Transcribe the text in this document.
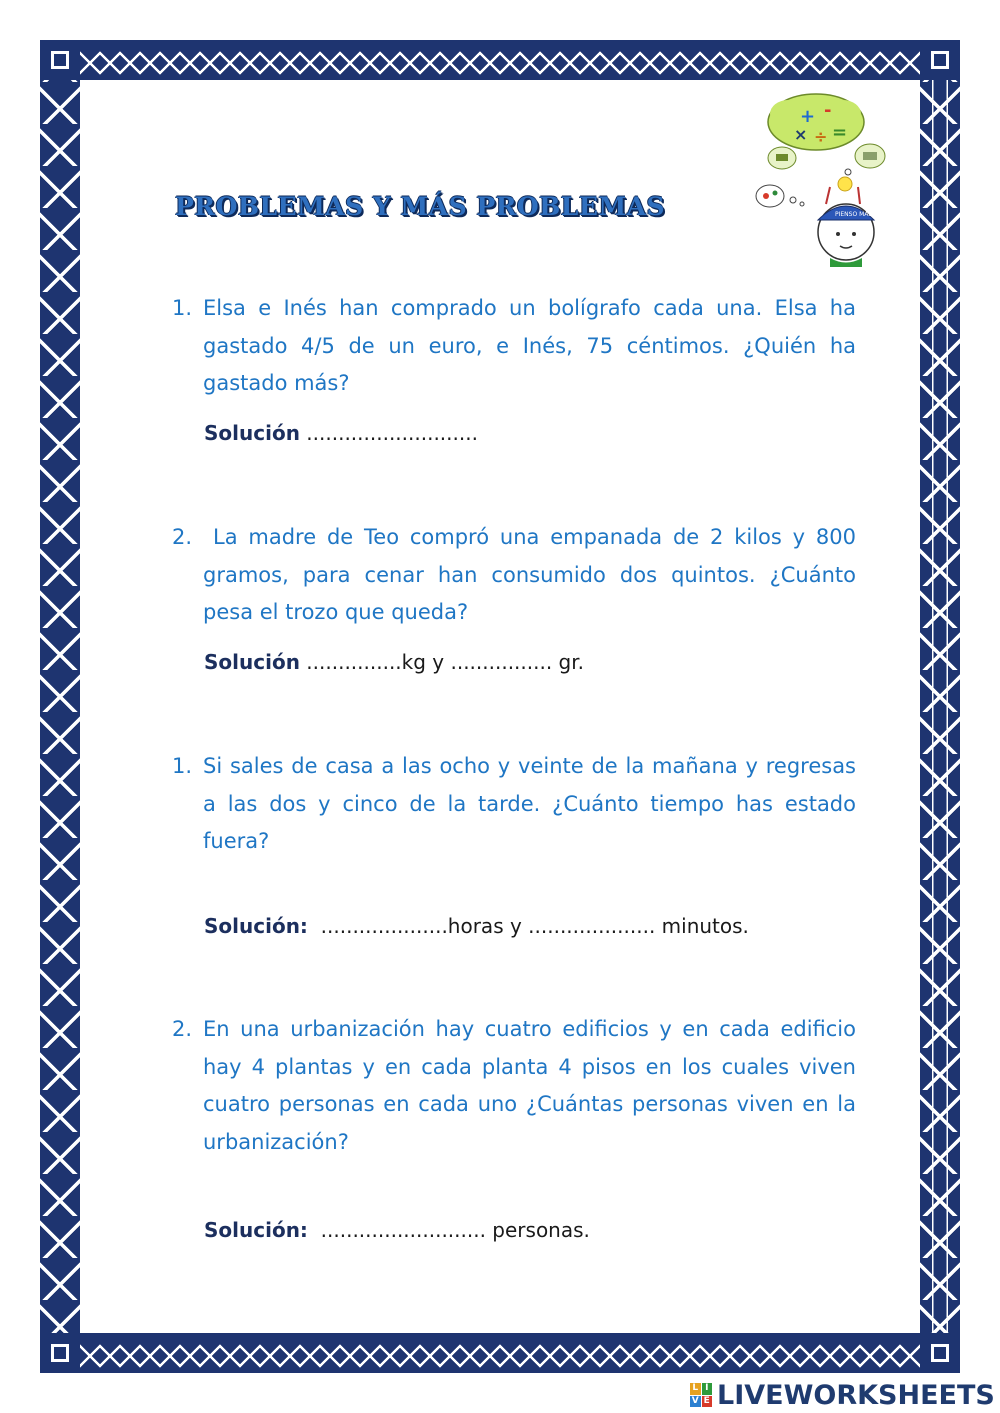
PROBLEMAS Y MÁS PROBLEMAS
+ -
× ÷ =
PIENSO MÁS
1. Elsa e Inés han comprado un bolígrafo cada una. Elsa ha gastado 4/5 de un euro, e Inés, 75 céntimos. ¿Quién ha gastado más?
Solución ...........................
2. La madre de Teo compró una empanada de 2 kilos y 800 gramos, para cenar han consumido dos quintos. ¿Cuánto pesa el trozo que queda?
Solución ...............kg y ................ gr.
1. Si sales de casa a las ocho y veinte de la mañana y regresas a las dos y cinco de la tarde. ¿Cuánto tiempo has estado fuera?
Solución:  ....................horas y .................... minutos.
2. En una urbanización hay cuatro edificios y en cada edificio hay 4 plantas y en cada planta 4 pisos en los cuales viven cuatro personas en cada uno ¿Cuántas personas viven en la urbanización?
Solución:  .......................... personas.
L I
V E LIVEWORKSHEETS
